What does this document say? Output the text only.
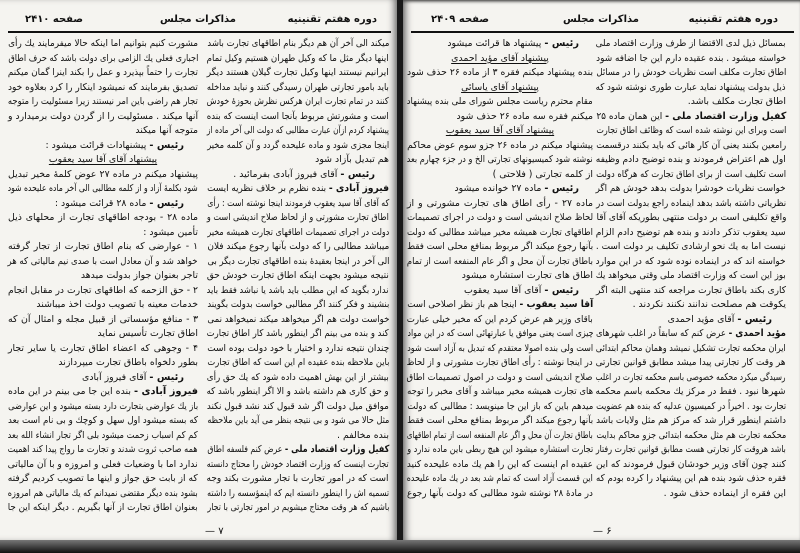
دوره هفتم تقنینیه
مذاکرات مجلس
صفحه ۲۴۱۰
میکند الی آخر آن هم دیگر بنام اطاقهای تجارت باشد
اینها دیگر مثل ما که وکیل طهران هستیم وکیل تمام
ایرانیم نیستند اینها وکیل تجارت گیلان هستند دیگر
باید بامور تجارتی طهران رسیدگی کنند و نباید مداخله
کنند در تمام تجارت ایران هرکس نظرش بحوزهٔ خودش
است و مشورتش مربوط بآنجا است اینست که بنده
پیشنهاد کردم ازآن عبارت مطالبی که دولت الی آخر ماده از
اینجا مجزی شود و ماده علیحده گردد و آن کلمه مخیر
هم تبدیل بآزاد شود
رئیس - آقای فیروز آبادی بفرمائید .
فیروز آبادی - بنده نظرم بر خلاف نظریه ایست
که آقای آقا سید یعقوب فرمودند اینجا نوشته است : رأی
اطاق تجارت مشورتی و از لحاظ صلاح اندیشی است و
دولت در اجرای تصمیمات اطاقهای تجارت همیشه مخیر
میباشد مطالبی را که دولت بآنها رجوع میکند فلان
الی آخر در اینجا بعقیدهٔ بنده اطاقهای تجارت دیگر بی
نتیجه میشود بجهت اینکه اطاق تجارت خودش حق
ندارد بگوید که این مطلب باید باشد یا نباشد فقط باید
بنشیند و فکر کنند اگر مطالبی خواست بدولت بگویند
خواست دولت هم اگر میخواهد میکند نمیخواهد نمی
کند و بنده می بینم اگر اینطور باشد کار اطاق تجارت
چندان نتیجه ندارد و اختیار با خود دولت بوده است
باین ملاحظه بنده عقیده ام این است که اطاق تجارت
بیشتر از این بهش اهمیت داده شود که یك حق رأی
و حق کاری هم داشته باشد و الا اگر اینطور باشد که
موافق میل دولت اگر شد قبول کند نشد قبول نکند
مثل حالا می شود و بی نتیجه بنظر می آید باین ملاحظه
بنده مخالفم .
کفیل وزارت اقتصاد ملی - عرض کنم فلسفه اطاق
تجارت اینست که وزارت اقتصاد خودش را محتاج دانسته
است که در امور تجارت با تجار مشورت بکند وجه
تسمیه اش را اینطور دانسته ایم که اینمؤسسه را داشته
باشیم که هر وقت محتاج میشویم در امور تجارتی با تجار
مشورت کنیم بتوانیم اما اینکه حالا میفرمایند یك رأی
اجباری فعلی یك الزامی برای دولت باشد که حرف اطاق
تجارت را حتماً بپذیرد و عمل را بکند اینرا گمان میکنم
تصدیق بفرمایند که نمیشود اینکار را کرد بعلاوه خود
تجار هم راضی باین امر نیستند زیرا مسئولیت را متوجه
آنها میکند . مسئولیت را از گردن دولت برمیدارد و
متوجه آنها میکند
رئیس - پیشنهادات قرائت میشود :
پیشنهاد آقای آقا سید یعقوب
پیشنهاد میکنم در ماده ۲۷ عوض کلمهٔ مخیر تبدیل
شود بکلمهٔ آزاد و از کلمه مطالبی الی آخر ماده علیحده شود
رئیس - ماده ۲۸ قرائت میشود :
ماده ۲۸ - بودجه اطاقهای تجارت از محلهای ذیل
تأمین میشود :
۱ - عوارضی که بنام اطاق تجارت از تجار گرفته
خواهد شد و آن معادل است با صدی نیم مالیاتی که هر
تاجر بعنوان جواز بدولت میدهد
۲ - حق الزحمه که اطاقهای تجارت در مقابل انجام
خدمات معینه با تصویب دولت اخذ میباشند
۳ - منافع مؤسساتی از قبیل مجله و امثال آن که
اطاق تجارت تأسیس نماید
۴ - وجوهی که اعضاء اطاق تجارت یا سایر تجار
بطور دلخواه باطاق تجارت میپردازند
رئیس - آقای فیروز آبادی
فیروز آبادی - بنده این جا می بینم در این ماده
باز یك عوارضی بتجارت دارد بسته میشود و این عوارضی
که بسته میشود اول سهل و کوچك و بی نام است بعد
کم کم اسباب زحمت میشود بلی اگر تجار انشاء الله بعد
همه صاحب ثروت شدند و تجارت ما رواج پیدا کند اهمیت
ندارد اما با وضعیات فعلی و امروزه و با آن مالیاتی
که از بابت حق جواز و اینها ما تصویب کردیم گرفته
بشود بنده دیگر مقتضی نمیدانم که یك مالیاتی هم امروزه
بعنوان اطاق تجارت از آنها بگیریم . دیگر اینکه این جا
۷ —
دوره هفتم تقنینیه
مذاکرات مجلس
صفحه ۲۴۰۹
بمسائل ذیل لدی الاقتضا از طرف وزارت اقتصاد ملی
خواسته میشود . بنده عقیده دارم این جا اضافه شود
اطاق تجارت مکلف است نظریات خودش را در مسائل
ذیل بدولت پیشنهاد نماید عبارت طوری نوشته شود که
اطاق تجارت مکلف باشد.
کفیل وزارت اقتصاد ملی - این همان ماده ۲۵
است وبرای این نوشته شده است که وظائف اطاق تجارت
رامعین بکنند یعنی آن کار هائی که باید بکنند درقسمت
اول هم اعتراض فرمودند و بنده توضیح دادم وظیفه
است تکلیف است از برای اطاق تجارت که هرگاه دولت
خواست نظریات خودشرا بدولت بدهد خودش هم اگر
نظریاتی داشته باشد بدهد اینماده راجع بدولت است در
واقع تکلیفی است بر دولت منتهی بطوریکه آقای آقا
سید یعقوب تذکر دادند و بنده هم توضیح دادم الزام
نیست اما به یك نحو ارشادی تکلیف بر دولت است .
خواسته اند که در اینماده نوده شود که در این موارد
بوز این است که وزارت اقتصاد ملی وقتی میخواهد یك
کاری بکند باطاق تجارت مراجعه کند منتهی البته اگر
یکوقت هم مصلحت ندانند نکنند نکردند .
رئیس - آقای مؤید احمدی
مؤید احمدی - عرض کنم که سابقاً در اغلب شهرهای
ایران محکمه تجارت تشکیل نمیشد وهمان محاکم ابتدائی
هر وقت کار تجارتی پیدا میشد مطابق قوانین تجارتی
رسیدگی میکرد محکمه خصوصی باسم محکمه تجارت در اغلب
شهرها نبود . فقط در مرکز یك محکمه باسم محکمه
تجارت بود . اخیراً در کمیسیون عدلیه که بنده هم عضویت
داشتم اینطور قرار شد که مرکز هم مثل ولایات باشد
محکمه تجارت هم مثل محکمه ابتدائی جزو محاکم بدایت
باشد هروقت کار تجارتی هست مطابق قوانین تجارت رفتار
کنند چون آقای وزیر خودشان قبول فرمودند که این
فقره حذف شود بنده هم این پیشنهاد را کرده بودم که
این فقره از اینماده حذف شود .
رئیس - پیشنهاد ها قرائت میشود
پیشنهاد آقای مؤید احمدی
بنده پیشنهاد میکنم فقره ۳ از ماده ۲۶ حذف شود
پیشنهاد آقای یاسائی
مقام محترم ریاست مجلس شورای ملی بنده پیشنهاد
میکنم فقره سه ماده ۲۶ حذف شود
پیشنهاد آقای آقا سید یعقوب
پیشنهاد میکنم در ماده ۲۶ جزو سوم عوض محاکم
نوشته شود کمیسیونهای تجارتی الخ و در جزء چهارم بعد
از کلمه تجارتی ( فلاحتی )
رئیس - ماده ۲۷ خوانده میشود
ماده ۲۷ - رأی اطاق های تجارت مشورتی و از
لحاظ صلاح اندیشی است و دولت در اجرای تصمیمات
اطاقهای تجارت همیشه مخیر میباشد مطالبی که دولت
بآنها رجوع میکند اگر مربوط بمنافع محلی است فقط
باطاق تجارت آن محل و اگر عام المنفعه است از تمام
اطاق های تجارت استشاره میشود
رئیس - آقای آقا سید یعقوب
آقا سید یعقوب - اینجا هم باز نظر اصلاحی است
باقای وزیر هم عرض کردم این که مخیر خیلی عبارت
چیزی است یعنی موافق یا عبارتهائی است که در این مواد
است ولی بنده اصولا معتقدم که تبدیل به آزاد است شود
در اینجا نوشته : رأی اطاق تجارت مشورتی و از لحاظ
صلاح اندیشی است و دولت در اصول تصمیمات اطاق
های تجارت همیشه مخیر میباشد و آقای مخبر را توجه
میدهم باین که باز این جا مینویسد : مطالبی که دولت
بآنها رجوع میکند اگر مربوط بمنافع محلی است فقط
باطاق تجارت آن محل و اگر عام المنفعه است از تمام اطاقهای
تجارت استشاره میشود این هیچ ربطی باین ماده ندارد و
عقیده ام اینست که این را هم یك ماده علیحده کنید
این قسمت آزاد است که تمام شد بعد در یك ماده علیحده
در مادهٔ ۲۸ نوشته شود مطالبی که دولت بآنها رجوع
۶ —
